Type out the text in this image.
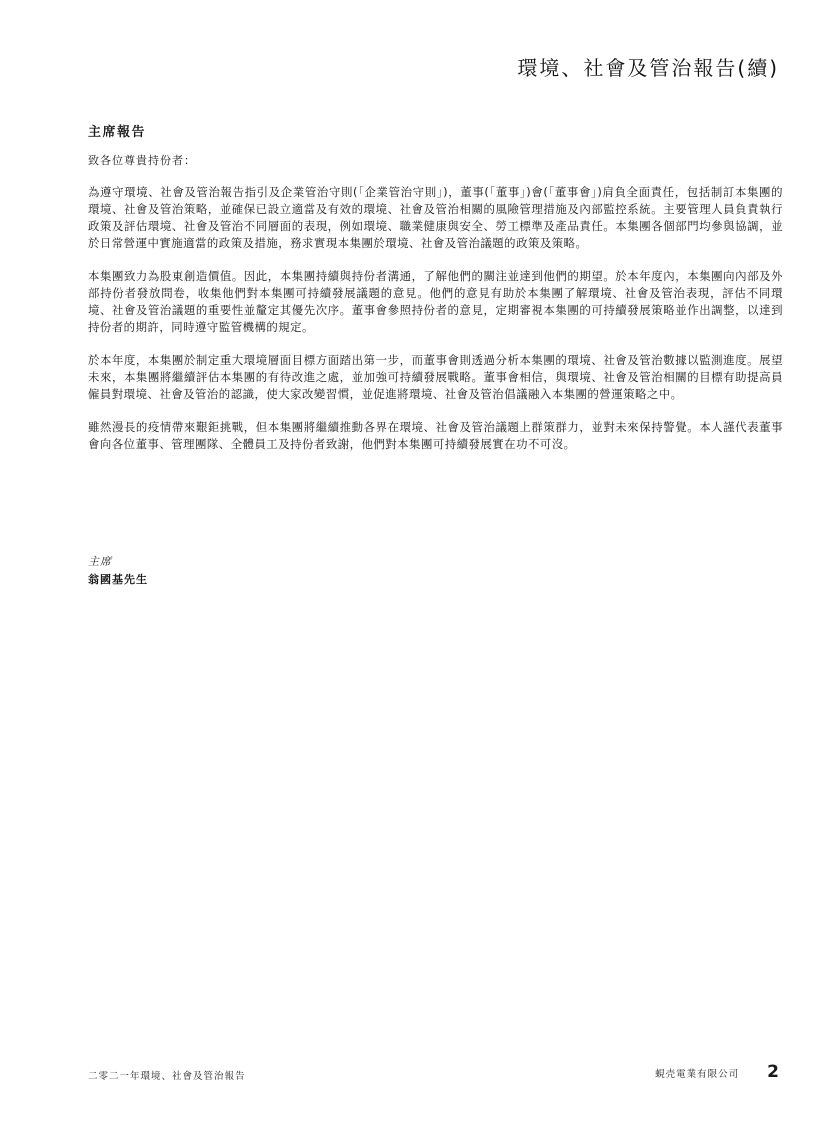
環境、社會及管治報告(續)
主席報告
致各位尊貴持份者：

為遵守環境、社會及管治報告指引及企業管治守則(「企業管治守則」)，董事(「董事」)會(「董事會」)肩負全面責任，包括制訂本集團的環境、社會及管治策略，並確保已設立適當及有效的環境、社會及管治相關的風險管理措施及內部監控系統。主要管理人員負責執行政策及評估環境、社會及管治不同層面的表現，例如環境、職業健康與安全、勞工標準及產品責任。本集團各個部門均參與協調，並於日常營運中實施適當的政策及措施，務求實現本集團於環境、社會及管治議題的政策及策略。

本集團致力為股東創造價值。因此，本集團持續與持份者溝通，了解他們的關注並達到他們的期望。於本年度內，本集團向內部及外部持份者發放問卷，收集他們對本集團可持續發展議題的意見。他們的意見有助於本集團了解環境、社會及管治表現，評估不同環境、社會及管治議題的重要性並釐定其優先次序。董事會參照持份者的意見，定期審視本集團的可持續發展策略並作出調整，以達到持份者的期許，同時遵守監管機構的規定。

於本年度，本集團於制定重大環境層面目標方面踏出第一步，而董事會則透過分析本集團的環境、社會及管治數據以監測進度。展望未來，本集團將繼續評估本集團的有待改進之處，並加強可持續發展戰略。董事會相信，與環境、社會及管治相關的目標有助提高員僱員對環境、社會及管治的認識，使大家改變習慣，並促進將環境、社會及管治倡議融入本集團的營運策略之中。

雖然漫長的疫情帶來艱鉅挑戰，但本集團將繼續推動各界在環境、社會及管治議題上群策群力，並對未來保持警覺。本人謹代表董事會向各位董事、管理團隊、全體員工及持份者致謝，他們對本集團可持續發展實在功不可沒。

主席
翁國基先生
二零二一年環境、社會及管治報告	蜆壳電業有限公司 2
